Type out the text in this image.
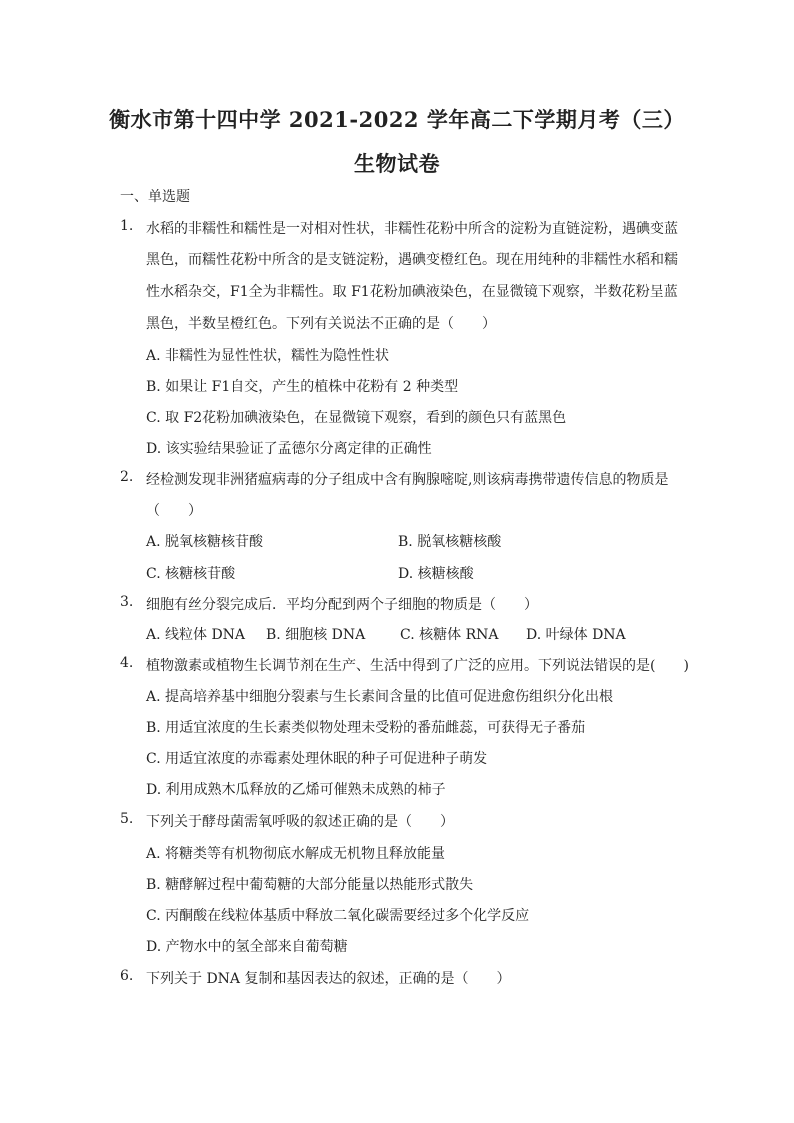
衡水市第十四中学 2021-2022 学年高二下学期月考（三）
生物试卷
一、单选题
1. 水稻的非糯性和糯性是一对相对性状，非糯性花粉中所含的淀粉为直链淀粉，遇碘变蓝
黑色，而糯性花粉中所含的是支链淀粉，遇碘变橙红色。现在用纯种的非糯性水稻和糯
性水稻杂交，F1全为非糯性。取 F1花粉加碘液染色，在显微镜下观察，半数花粉呈蓝
黑色，半数呈橙红色。下列有关说法不正确的是（　　）
A. 非糯性为显性性状，糯性为隐性性状
B. 如果让 F1自交，产生的植株中花粉有 2 种类型
C. 取 F2花粉加碘液染色，在显微镜下观察，看到的颜色只有蓝黑色
D. 该实验结果验证了孟德尔分离定律的正确性
2. 经检测发现非洲猪瘟病毒的分子组成中含有胸腺嘧啶,则该病毒携带遗传信息的物质是
（　　）
A. 脱氧核糖核苷酸	B. 脱氧核糖核酸
C. 核糖核苷酸	D. 核糖核酸
3. 细胞有丝分裂完成后．平均分配到两个子细胞的物质是（　　）
A. 线粒体 DNA B. 细胞核 DNA C. 核糖体 RNA D. 叶绿体 DNA
4. 植物激素或植物生长调节剂在生产、生活中得到了广泛的应用。下列说法错误的是(　　)
A. 提高培养基中细胞分裂素与生长素间含量的比值可促进愈伤组织分化出根
B. 用适宜浓度的生长素类似物处理未受粉的番茄雌蕊，可获得无子番茄
C. 用适宜浓度的赤霉素处理休眠的种子可促进种子萌发
D. 利用成熟木瓜释放的乙烯可催熟未成熟的柿子
5. 下列关于酵母菌需氧呼吸的叙述正确的是（　　）
A. 将糖类等有机物彻底水解成无机物且释放能量
B. 糖酵解过程中葡萄糖的大部分能量以热能形式散失
C. 丙酮酸在线粒体基质中释放二氧化碳需要经过多个化学反应
D. 产物水中的氢全部来自葡萄糖
6. 下列关于 DNA 复制和基因表达的叙述，正确的是（　　）
